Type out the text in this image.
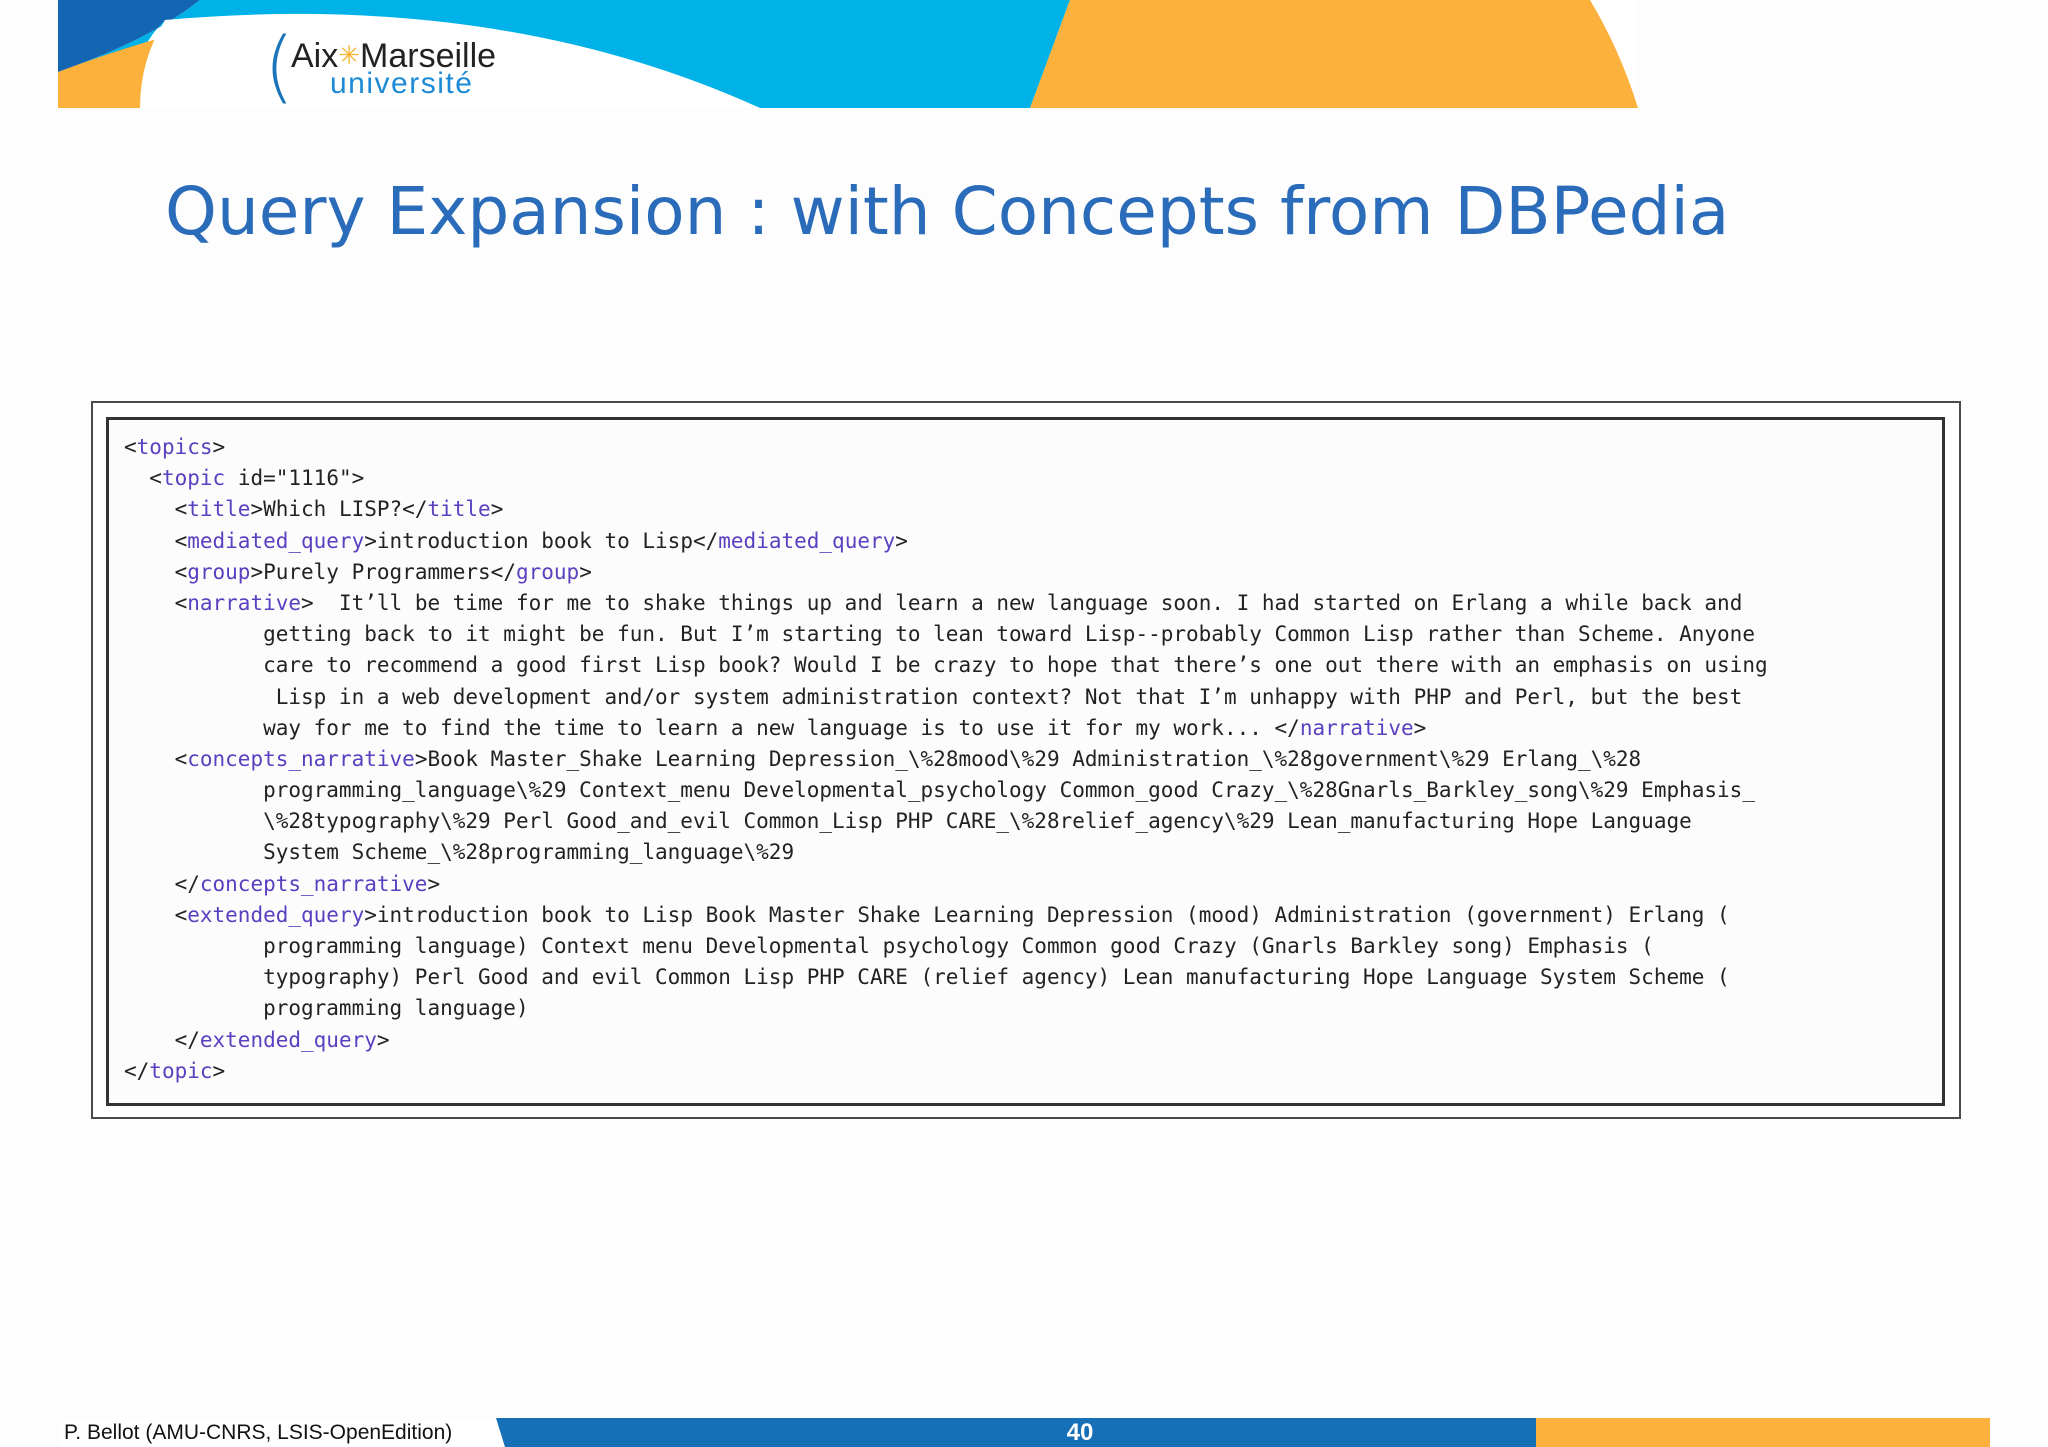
(
Aix✳Marseille
université
Query Expansion : with Concepts from DBPedia
<topics>
<topic id="1116">
<title>Which LISP?</title>
<mediated_query>introduction book to Lisp</mediated_query>
<group>Purely Programmers</group>
<narrative>  It’ll be time for me to shake things up and learn a new language soon. I had started on Erlang a while back and
getting back to it might be fun. But I’m starting to lean toward Lisp--probably Common Lisp rather than Scheme. Anyone
care to recommend a good first Lisp book? Would I be crazy to hope that there’s one out there with an emphasis on using
Lisp in a web development and/or system administration context? Not that I’m unhappy with PHP and Perl, but the best
way for me to find the time to learn a new language is to use it for my work... </narrative>
<concepts_narrative>Book Master_Shake Learning Depression_\%28mood\%29 Administration_\%28government\%29 Erlang_\%28
programming_language\%29 Context_menu Developmental_psychology Common_good Crazy_\%28Gnarls_Barkley_song\%29 Emphasis_
\%28typography\%29 Perl Good_and_evil Common_Lisp PHP CARE_\%28relief_agency\%29 Lean_manufacturing Hope Language
System Scheme_\%28programming_language\%29
</concepts_narrative>
<extended_query>introduction book to Lisp Book Master Shake Learning Depression (mood) Administration (government) Erlang (
programming language) Context menu Developmental psychology Common good Crazy (Gnarls Barkley song) Emphasis (
typography) Perl Good and evil Common Lisp PHP CARE (relief agency) Lean manufacturing Hope Language System Scheme (
programming language)
</extended_query>
</topic>
P. Bellot (AMU-CNRS, LSIS-OpenEdition)	40
